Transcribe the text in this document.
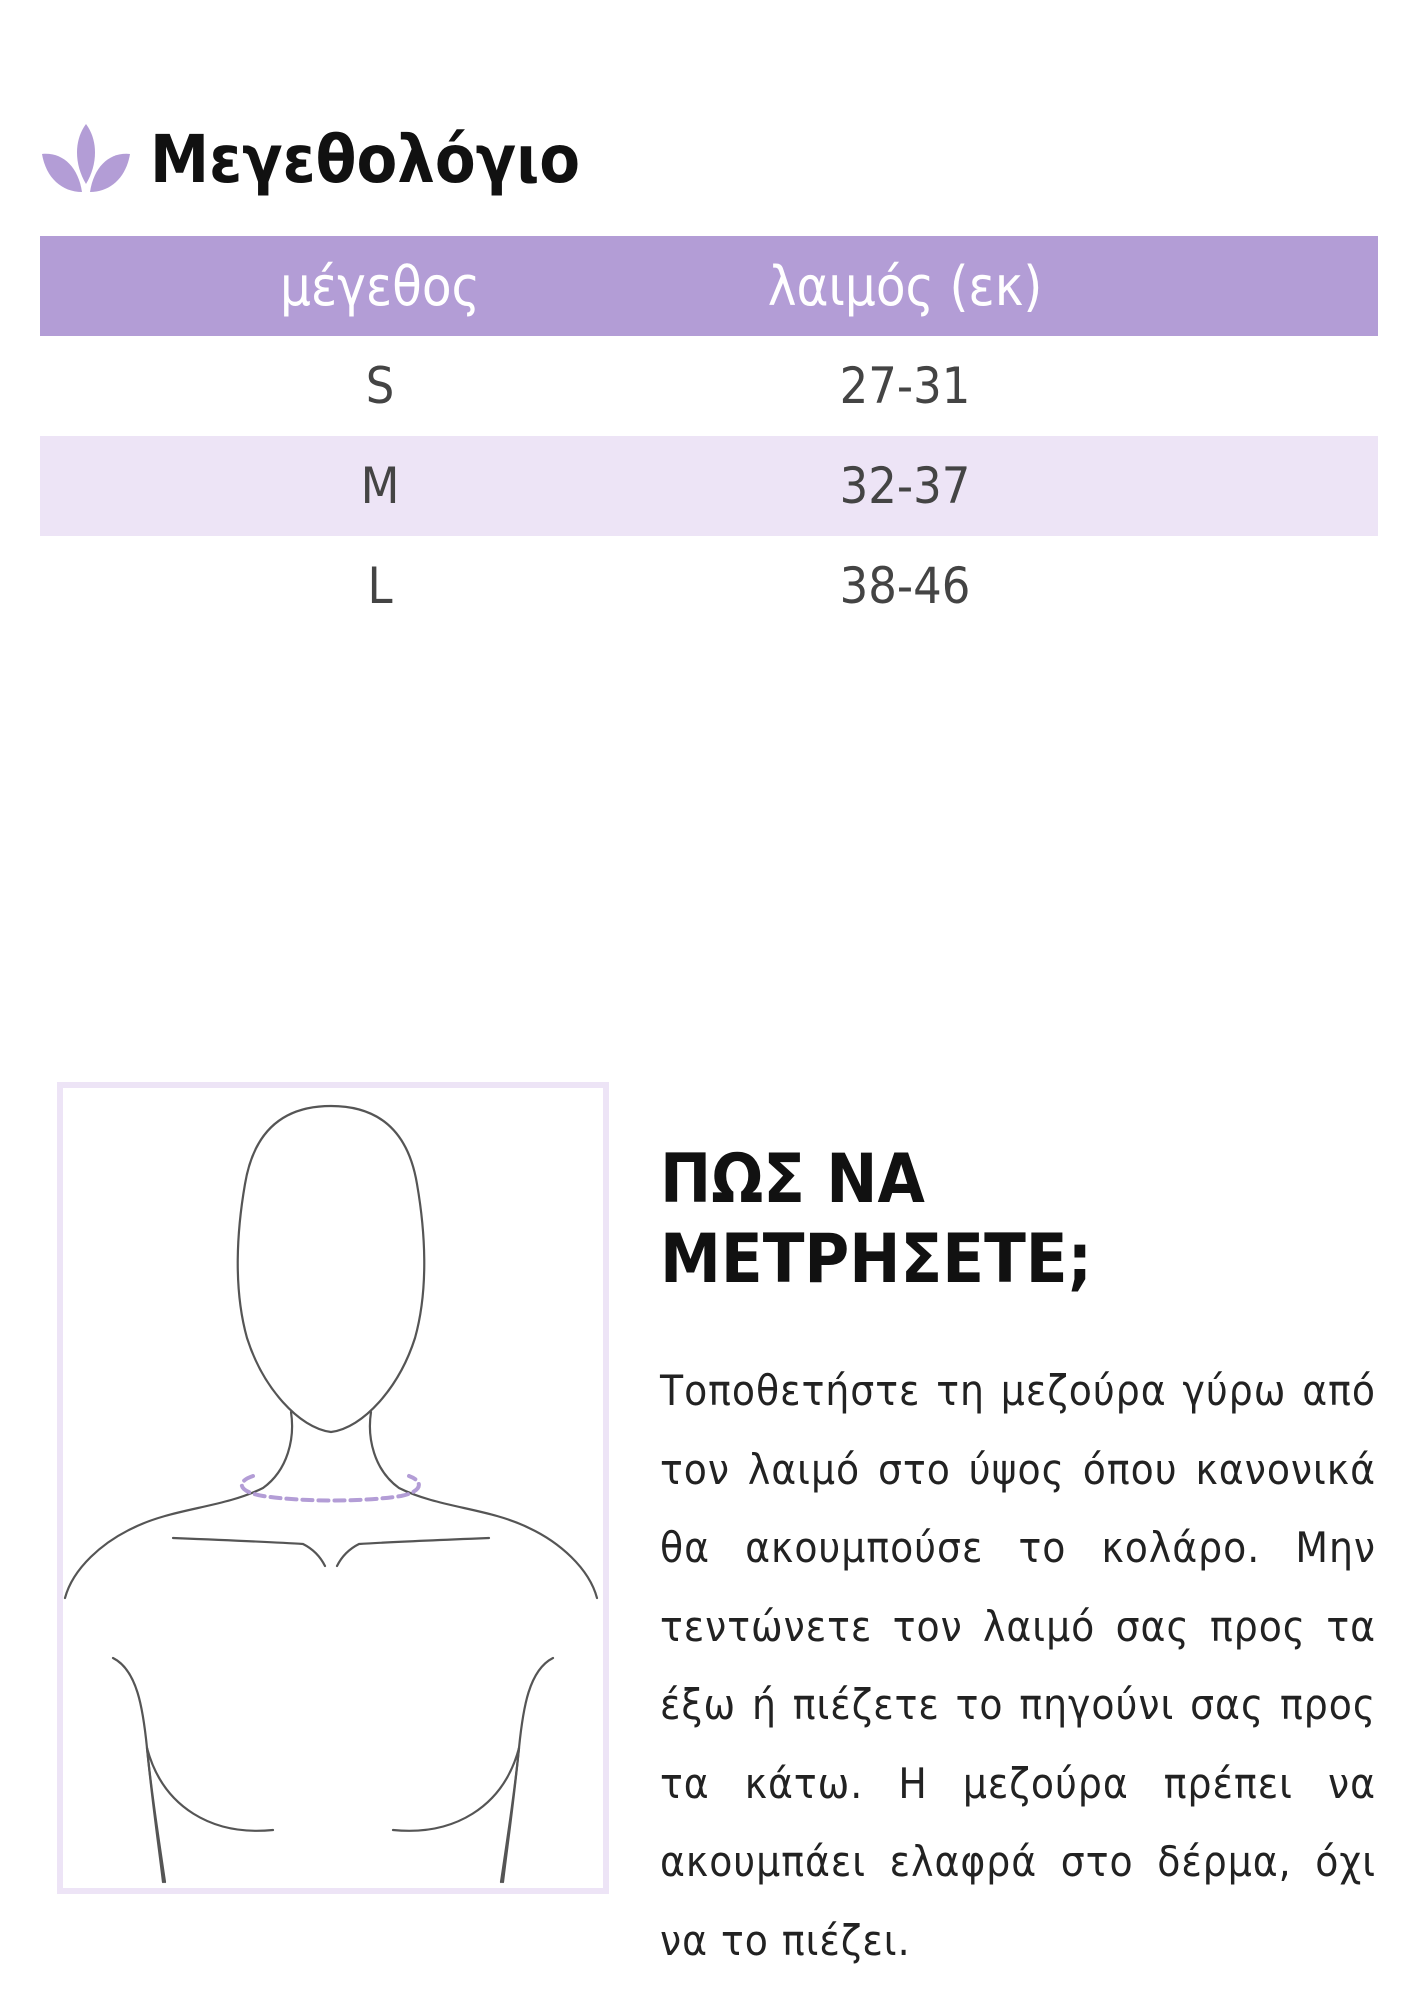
Μεγεθολόγιο
μέγεθος	λαιμός (εκ)
S	27-31
M	32-37
L	38-46
ΠΩΣ ΝΑ ΜΕΤΡΗΣΕΤΕ;
Τοποθετήστε τη μεζούρα γύρω από τον λαιμό στο ύψος όπου κανονικά θα ακουμπούσε το κολάρο. Μην τεντώνετε τον λαιμό σας προς τα έξω ή πιέζετε το πηγούνι σας προς τα κάτω. Η μεζούρα πρέπει να ακουμπάει ελαφρά στο δέρμα, όχι να το πιέζει.
